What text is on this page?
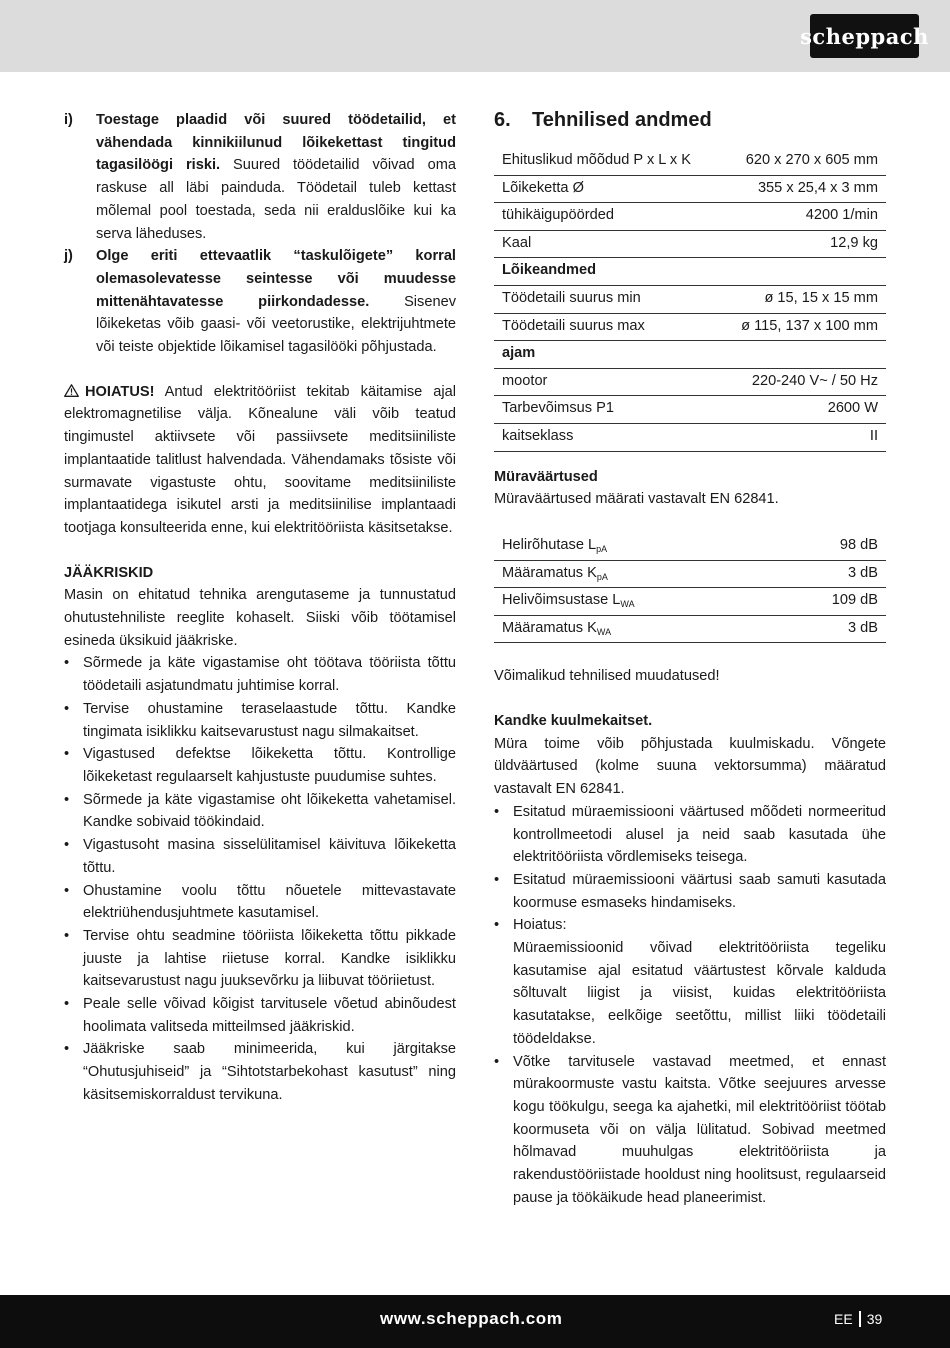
scheppach
i)	Toestage plaadid või suured töödetailid, et vähendada kinnikiilunud lõikekettast tingitud tagasilöögi riski. Suured töödetailid võivad oma raskuse all läbi painduda. Töödetail tuleb kettast mõlemal pool toestada, seda nii eralduslõike kui ka serva läheduses.
j)	Olge eriti ettevaatlik “taskulõigete” korral olemasolevatesse seintesse või muudesse mittenähtavatesse piirkondadesse. Sisenev lõikeketas võib gaasi- või veetorustike, elektrijuhtmete või teiste objektide lõikamisel tagasilööki põhjustada.

HOIATUS! Antud elektritööriist tekitab käitamise ajal elektromagnetilise välja. Kõnealune väli võib teatud tingimustel aktiivsete või passiivsete meditsiiniliste implantaatide talitlust halvendada. Vähendamaks tõsiste või surmavate vigastuste ohtu, soovitame meditsiiniliste implantaatidega isikutel arsti ja meditsiinilise implantaadi tootjaga konsulteerida enne, kui elektritööriista käsitsetakse.

JÄÄKRISKID

Masin on ehitatud tehnika arengutaseme ja tunnustatud ohutustehniliste reeglite kohaselt. Siiski võib töötamisel esineda üksikuid jääkriske.

• Sõrmede ja käte vigastamise oht töötava tööriista tõttu töödetaili asjatundmatu juhtimise korral.
• Tervise ohustamine teraselaastude tõttu. Kandke tingimata isiklikku kaitsevarustust nagu silmakaitset.
• Vigastused defektse lõikeketta tõttu. Kontrollige lõikeketast regulaarselt kahjustuste puudumise suhtes.
• Sõrmede ja käte vigastamise oht lõikeketta vahetamisel. Kandke sobivaid töökindaid.
• Vigastusoht masina sisselülitamisel käivituva lõikeketta tõttu.
• Ohustamine voolu tõttu nõuetele mittevastavate elektriühendusjuhtmete kasutamisel.
• Tervise ohtu seadmine tööriista lõikeketta tõttu pikkade juuste ja lahtise riietuse korral. Kandke isiklikku kaitsevarustust nagu juuksevõrku ja liibuvat tööriietust.
• Peale selle võivad kõigist tarvitusele võetud abinõudest hoolimata valitseda mitteilmsed jääkriskid.
• Jääkriske saab minimeerida, kui järgitakse “Ohutusjuhiseid” ja “Sihtotstarbekohast kasutust” ning käsitsemiskorraldust tervikuna.
6. Tehnilised andmed
Ehituslikud mõõdud P x L x K	620 x 270 x 605 mm
Lõikeketta Ø	355 x 25,4 x 3 mm
tühikäigupöörded	4200 1/min
Kaal	12,9 kg
Lõikeandmed	
Töödetaili suurus min	ø 15, 15 x 15 mm
Töödetaili suurus max	ø 115, 137 x 100 mm
ajam	
mootor	220-240 V~ / 50 Hz
Tarbevõimsus P1	2600 W
kaitseklass	II
Müraväärtused

Müraväärtused määrati vastavalt EN 62841.

Helirõhutase $L_{pA}$	98 dB
Määramatus $K_{pA}$	3 dB
Helivõimsustase $L_{WA}$	109 dB
Määramatus $K_{WA}$	3 dB

Võimalikud tehnilised muudatused!

Kandke kuulmekaitset.

Müra toime võib põhjustada kuulmiskadu. Võngete üldväärtused (kolme suuna vektorsumma) määratud vastavalt EN 62841.

• Esitatud müraemissiooni väärtused mõõdeti normeeritud kontrollmeetodi alusel ja neid saab kasutada ühe elektritööriista võrdlemiseks teisega.
• Esitatud müraemissiooni väärtusi saab samuti kasutada koormuse esmaseks hindamiseks.
• Hoiatus:
Müraemissioonid võivad elektritööriista tegeliku kasutamise ajal esitatud väärtustest kõrvale kalduda sõltuvalt liigist ja viisist, kuidas elektritööriista kasutatakse, eelkõige seetõttu, millist liiki töödetaili töödeldakse.
• Võtke tarvitusele vastavad meetmed, et ennast mürakoormuste vastu kaitsta. Võtke seejuures arvesse kogu töökulgu, seega ka ajahetki, mil elektritööriist töötab koormuseta või on välja lülitatud. Sobivad meetmed hõlmavad muuhulgas elektritööriista ja rakendustööriistade hooldust ning hoolitsust, regulaarseid pause ja töökäikude head planeerimist.
www.scheppach.com	EE 39
